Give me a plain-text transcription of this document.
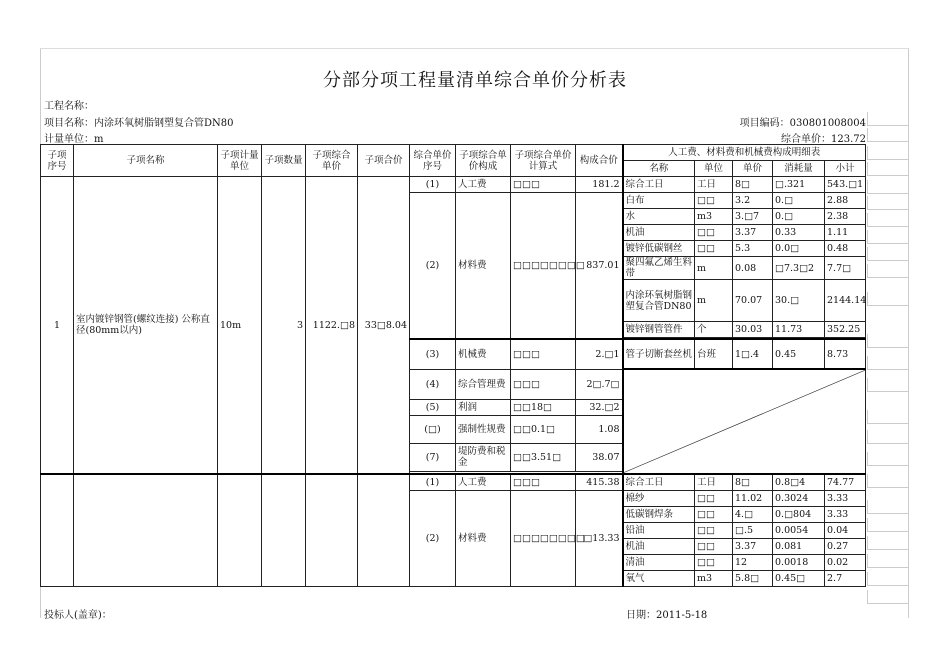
分部分项工程量清单综合单价分析表
工程名称：
项目名称：内涂环氧树脂钢塑复合管DN80
计量单位：m
项目编码：030801008004
综合单价：123.72
子项序号	子项名称	子项计量单位	子项数量	子项综合单价	子项合价	综合单价序号	子项综合单价构成	子项综合单价计算式	构成合价	人工费、材料费和机械费构成明细表				
										名称	单位	单价	消耗量	小计
1	室内镀锌钢管(螺纹连接) 公称直径(80mm以内)	10m	3	1122.□8	33□8.04	(1)	人工费	□□□	181.2	综合工日	工日	8□	□.321	543.□1
						(2)	材料费	□□□□□□□□	837.01	白布	□□	3.2	0.□	2.88
										水	m3	3.□7	0.□	2.38
										机油	□□	3.37	0.33	1.11
										镀锌低碳钢丝	□□	5.3	0.0□	0.48
										聚四氟乙烯生料带	m	0.08	□7.3□2	7.7□
										内涂环氧树脂钢塑复合管DN80	m	70.07	30.□	2144.14
										镀锌钢管管件	个	30.03	11.73	352.25

						(3)	机械费	□□□	2.□1	管子切断套丝机	台班	1□.4	0.45	8.73
						(4)	综合管理费	□□□	2□.7□	

						(5)	利润	□□18□	32.□2					
						(□)	强制性规费	□□0.1□	1.08					
						(7)	堤防费和税金	□□3.51□	38.07					

						(1)	人工费	□□□	415.38	综合工日	工日	8□	0.8□4	74.77
						(2)	材料费	□□□□□□□□	□13.33	棉纱	□□	11.02	0.3024	3.33
										低碳钢焊条	□□	4.□	0.□804	3.33
										铅油	□□	□.5	0.0054	0.04
										机油	□□	3.37	0.081	0.27
										清油	□□	12	0.0018	0.02
										氧气	m3	5.8□	0.45□	2.7
投标人(盖章)：	日期：2011-5-18
